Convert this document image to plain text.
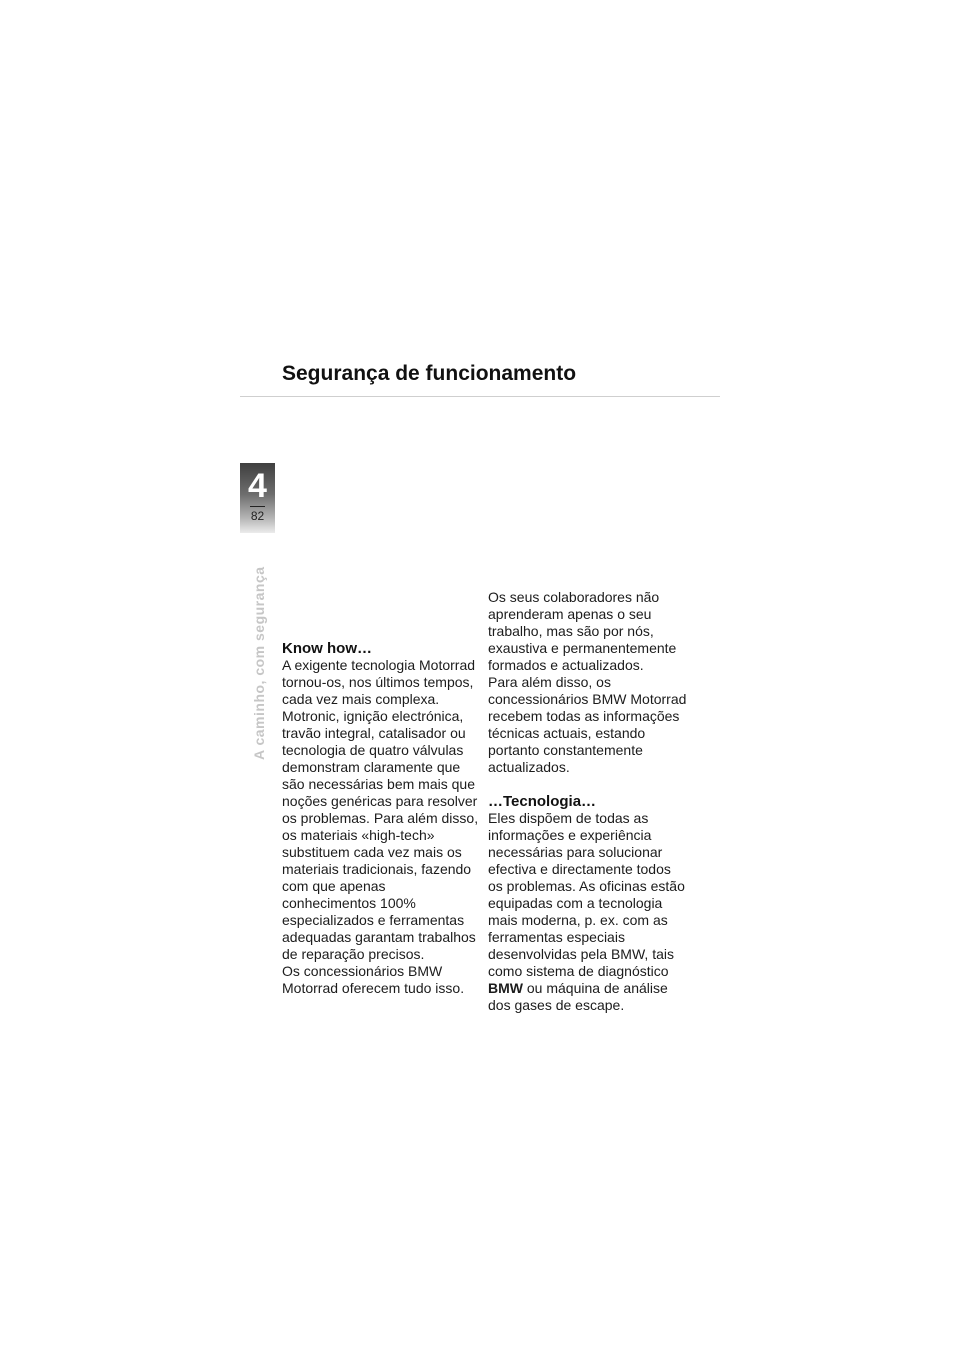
Segurança de funcionamento
4
82
A caminho, com segurança Know how…

A exigente tecnologia Motorrad tornou-os, nos últimos tempos, cada vez mais complexa. Motronic, ignição electrónica, travão integral, catalisador ou tecnologia de quatro válvulas demonstram claramente que são necessárias bem mais que noções genéricas para resolver os problemas. Para além disso, os materiais «high-tech» substituem cada vez mais os materiais tradicionais, fazendo com que apenas conhecimentos 100% especializados e ferramentas adequadas garantam trabalhos de reparação precisos.

Os concessionários BMW Motorrad oferecem tudo isso.

Os seus colaboradores não aprenderam apenas o seu trabalho, mas são por nós, exaustiva e permanentemente formados e actualizados.

Para além disso, os concessionários BMW Motorrad recebem todas as informações técnicas actuais, estando portanto constantemente actualizados.

…Tecnologia…

Eles dispõem de todas as informações e experiência necessárias para solucionar efectiva e directamente todos os problemas. As oficinas estão equipadas com a tecnologia mais moderna, p. ex. com as ferramentas especiais desenvolvidas pela BMW, tais como sistema de diagnóstico
BMW ou máquina de análise dos gases de escape.
